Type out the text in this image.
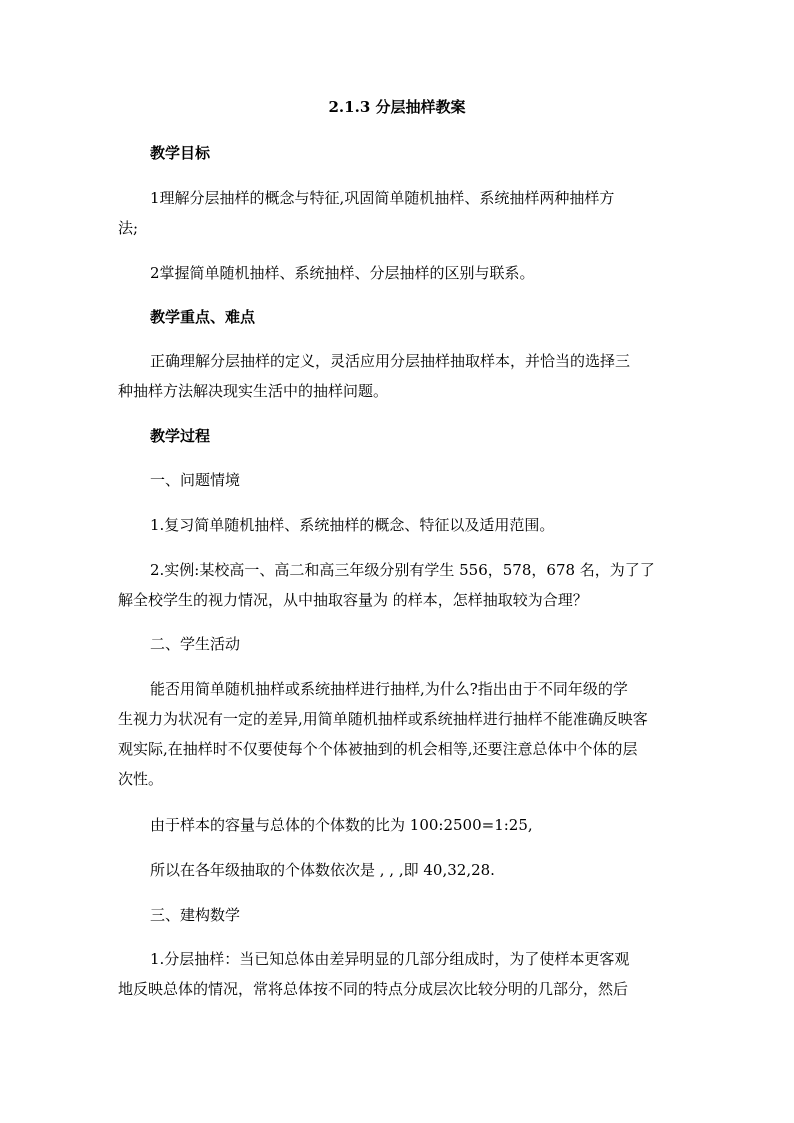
2.1.3 分层抽样教案

教学目标

1理解分层抽样的概念与特征,巩固简单随机抽样、系统抽样两种抽样方
法;

2掌握简单随机抽样、系统抽样、分层抽样的区别与联系。

教学重点、难点

正确理解分层抽样的定义，灵活应用分层抽样抽取样本，并恰当的选择三
种抽样方法解决现实生活中的抽样问题。

教学过程

一、问题情境

1.复习简单随机抽样、系统抽样的概念、特征以及适用范围。

2.实例:某校高一、高二和高三年级分别有学生 556，578，678 名，为了了
解全校学生的视力情况，从中抽取容量为 的样本，怎样抽取较为合理？

二、学生活动

能否用简单随机抽样或系统抽样进行抽样,为什么?指出由于不同年级的学
生视力为状况有一定的差异,用简单随机抽样或系统抽样进行抽样不能准确反映客
观实际,在抽样时不仅要使每个个体被抽到的机会相等,还要注意总体中个体的层
次性。

由于样本的容量与总体的个体数的比为 100:2500=1:25,

所以在各年级抽取的个体数依次是 , , ,即 40,32,28.

三、建构数学

1.分层抽样：当已知总体由差异明显的几部分组成时，为了使样本更客观
地反映总体的情况，常将总体按不同的特点分成层次比较分明的几部分，然后
